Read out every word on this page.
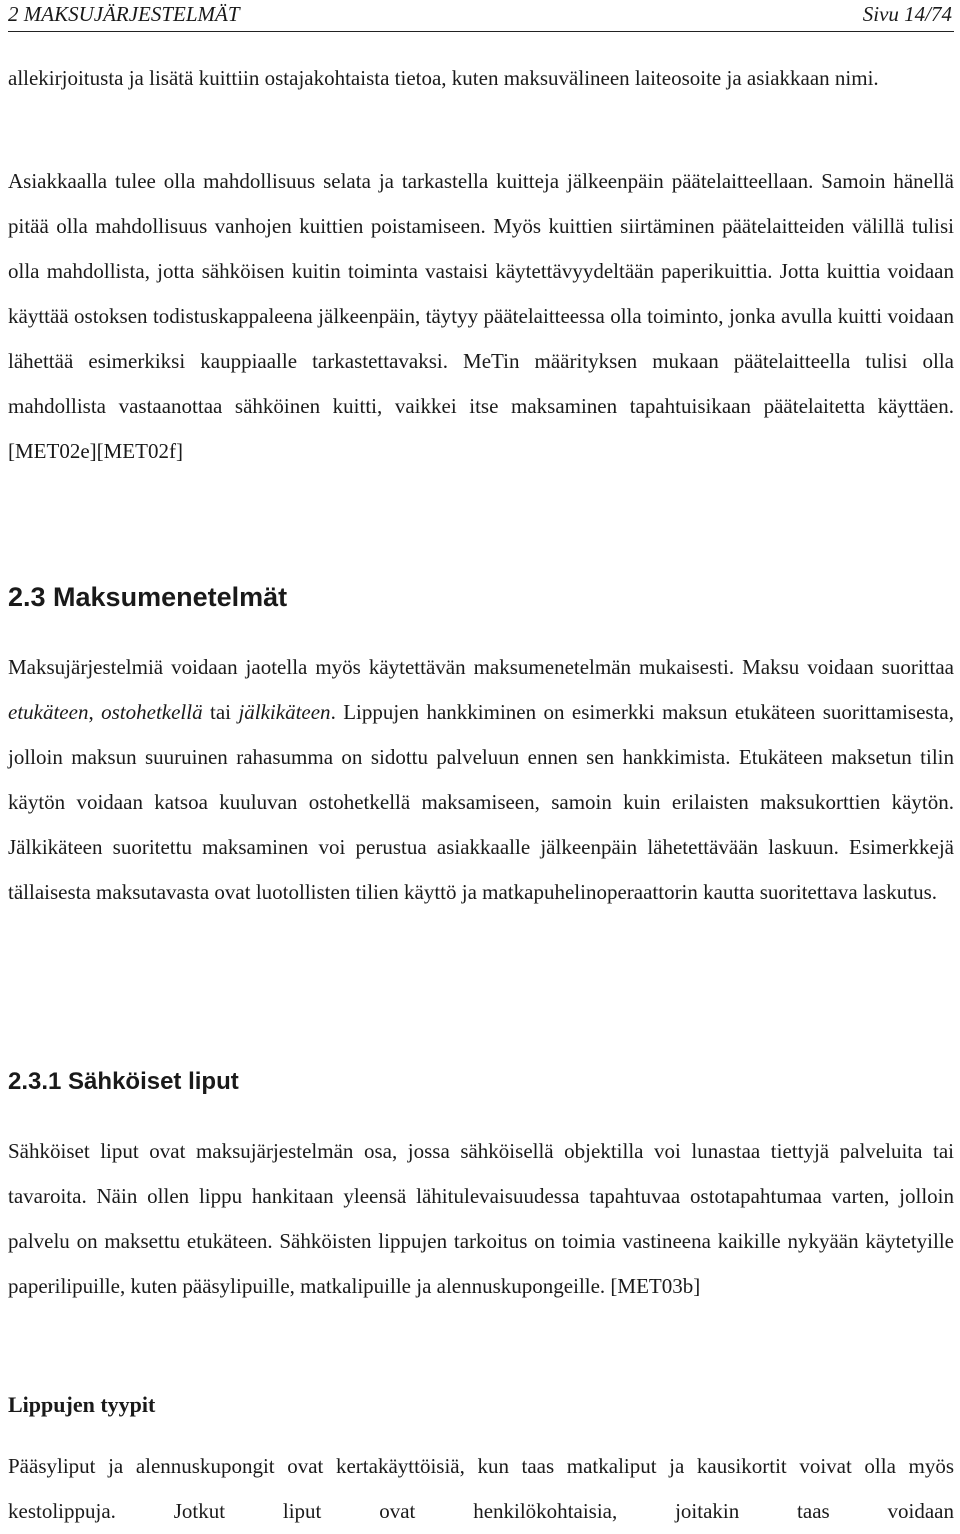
2 MAKSUJÄRJESTELMÄT	Sivu 14/74

allekirjoitusta ja lisätä kuittiin ostajakohtaista tietoa, kuten maksuvälineen laiteosoite ja asiakkaan nimi.

Asiakkaalla tulee olla mahdollisuus selata ja tarkastella kuitteja jälkeenpäin päätelaitteellaan. Samoin hänellä pitää olla mahdollisuus vanhojen kuittien poistamiseen. Myös kuittien siirtäminen päätelaitteiden välillä tulisi olla mahdollista, jotta sähköisen kuitin toiminta vastaisi käytettävyydeltään paperikuittia. Jotta kuittia voidaan käyttää ostoksen todistuskappaleena jälkeenpäin, täytyy päätelaitteessa olla toiminto, jonka avulla kuitti voidaan lähettää esimerkiksi kauppiaalle tarkastettavaksi. MeTin määrityksen mukaan päätelaitteella tulisi olla mahdollista vastaanottaa sähköinen kuitti, vaikkei itse maksaminen tapahtuisikaan päätelaitetta käyttäen. [MET02e][MET02f]

2.3 Maksumenetelmät

Maksujärjestelmiä voidaan jaotella myös käytettävän maksumenetelmän mukaisesti. Maksu voidaan suorittaa etukäteen, ostohetkellä tai jälkikäteen. Lippujen hankkiminen on esimerkki maksun etukäteen suorittamisesta, jolloin maksun suuruinen rahasumma on sidottu palveluun ennen sen hankkimista. Etukäteen maksetun tilin käytön voidaan katsoa kuuluvan ostohetkellä maksamiseen, samoin kuin erilaisten maksukorttien käytön. Jälkikäteen suoritettu maksaminen voi perustua asiakkaalle jälkeenpäin lähetettävään laskuun. Esimerkkejä tällaisesta maksutavasta ovat luotollisten tilien käyttö ja matkapuhelinoperaattorin kautta suoritettava laskutus.

2.3.1 Sähköiset liput

Sähköiset liput ovat maksujärjestelmän osa, jossa sähköisellä objektilla voi lunastaa tiettyjä palveluita tai tavaroita. Näin ollen lippu hankitaan yleensä lähitulevaisuudessa tapahtuvaa ostotapahtumaa varten, jolloin palvelu on maksettu etukäteen. Sähköisten lippujen tarkoitus on toimia vastineena kaikille nykyään käytetyille paperilipuille, kuten pääsylipuille, matkalipuille ja alennuskupongeille. [MET03b]

Lippujen tyypit

Pääsyliput ja alennuskupongit ovat kertakäyttöisiä, kun taas matkaliput ja kausikortit voivat olla myös kestolippuja. Jotkut liput ovat henkilökohtaisia, joitakin taas voidaan
